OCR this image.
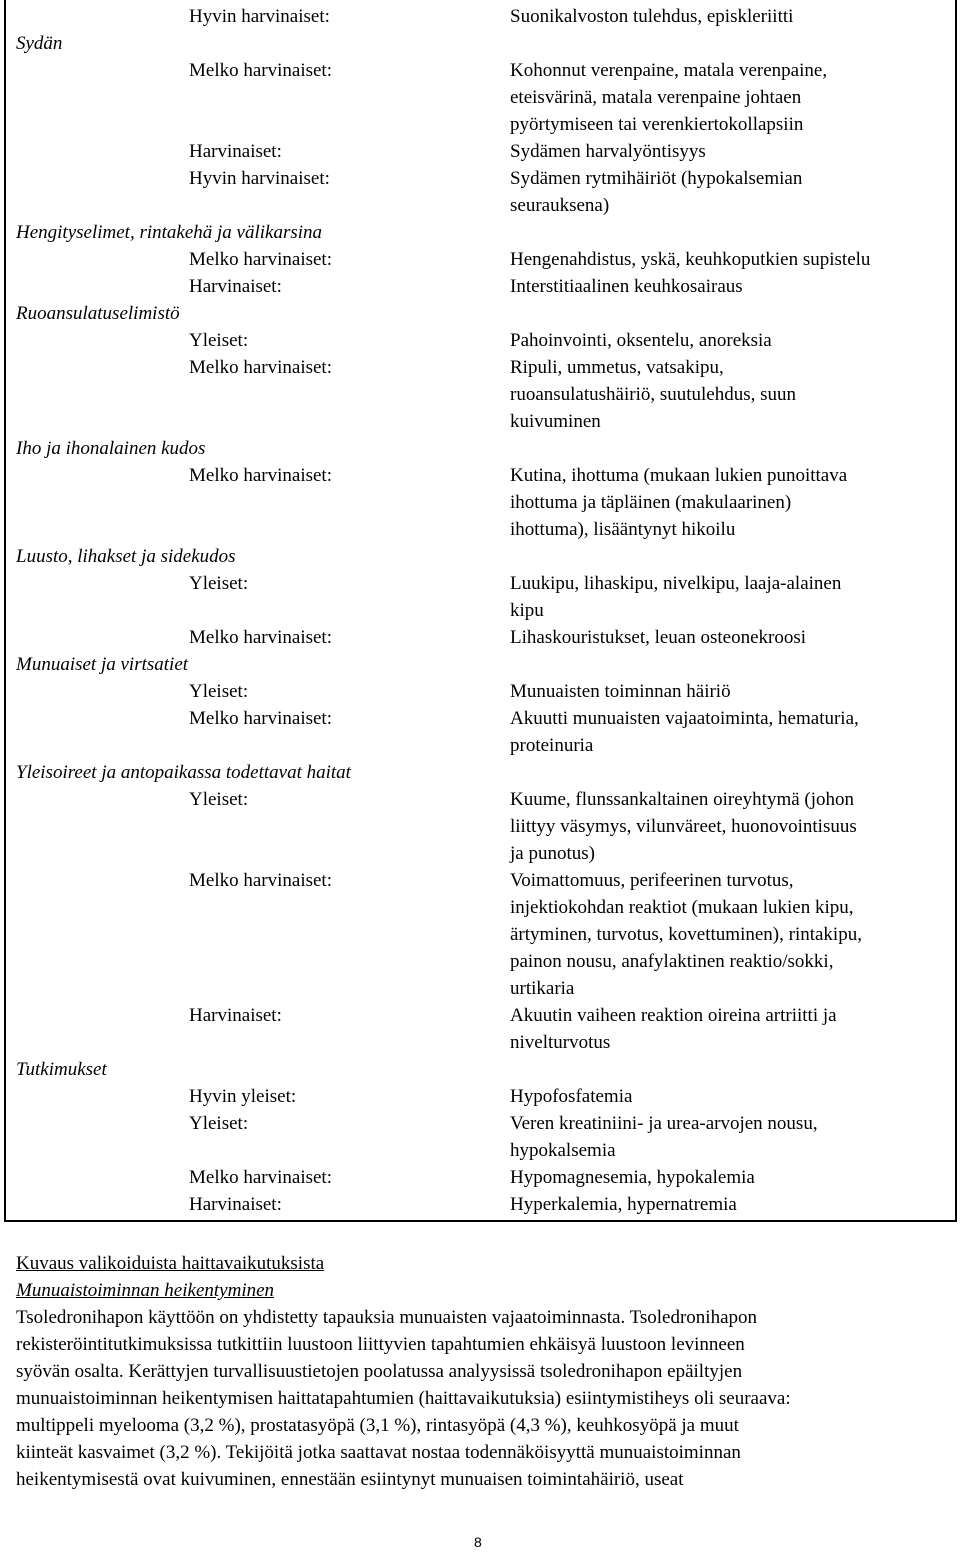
Hyvin harvinaiset:	Suonikalvoston tulehdus, episkleriitti
Sydän
Melko harvinaiset:	Kohonnut verenpaine, matala verenpaine,
eteisvärinä, matala verenpaine johtaen
pyörtymiseen tai verenkiertokollapsiin
Harvinaiset:	Sydämen harvalyöntisyys
Hyvin harvinaiset:	Sydämen rytmihäiriöt (hypokalsemian
seurauksena)
Hengityselimet, rintakehä ja välikarsina
Melko harvinaiset:	Hengenahdistus, yskä, keuhkoputkien supistelu
Harvinaiset:	Interstitiaalinen keuhkosairaus
Ruoansulatuselimistö
Yleiset:	Pahoinvointi, oksentelu, anoreksia
Melko harvinaiset:	Ripuli, ummetus, vatsakipu,
ruoansulatushäiriö, suutulehdus, suun
kuivuminen
Iho ja ihonalainen kudos
Melko harvinaiset:	Kutina, ihottuma (mukaan lukien punoittava
ihottuma ja täpläinen (makulaarinen)
ihottuma), lisääntynyt hikoilu
Luusto, lihakset ja sidekudos
Yleiset:	Luukipu, lihaskipu, nivelkipu, laaja-alainen
kipu
Melko harvinaiset:	Lihaskouristukset, leuan osteonekroosi
Munuaiset ja virtsatiet
Yleiset:	Munuaisten toiminnan häiriö
Melko harvinaiset:	Akuutti munuaisten vajaatoiminta, hematuria,
proteinuria
Yleisoireet ja antopaikassa todettavat haitat
Yleiset:	Kuume, flunssankaltainen oireyhtymä (johon
liittyy väsymys, vilunväreet, huonovointisuus
ja punotus)
Melko harvinaiset:	Voimattomuus, perifeerinen turvotus,
injektiokohdan reaktiot (mukaan lukien kipu,
ärtyminen, turvotus, kovettuminen), rintakipu,
painon nousu, anafylaktinen reaktio/sokki,
urtikaria
Harvinaiset:	Akuutin vaiheen reaktion oireina artriitti ja
nivelturvotus
Tutkimukset
Hyvin yleiset:	Hypofosfatemia
Yleiset:	Veren kreatiniini- ja urea-arvojen nousu,
hypokalsemia
Melko harvinaiset:	Hypomagnesemia, hypokalemia
Harvinaiset:	Hyperkalemia, hypernatremia
Kuvaus valikoiduista haittavaikutuksista
Munuaistoiminnan heikentyminen
Tsoledronihapon käyttöön on yhdistetty tapauksia munuaisten vajaatoiminnasta. Tsoledronihapon
rekisteröintitutkimuksissa tutkittiin luustoon liittyvien tapahtumien ehkäisyä luustoon levinneen
syövän osalta. Kerättyjen turvallisuustietojen poolatussa analyysissä tsoledronihapon epäiltyjen
munuaistoiminnan heikentymisen haittatapahtumien (haittavaikutuksia) esiintymistiheys oli seuraava:
multippeli myelooma (3,2 %), prostatasyöpä (3,1 %), rintasyöpä (4,3 %), keuhkosyöpä ja muut
kiinteät kasvaimet (3,2 %). Tekijöitä jotka saattavat nostaa todennäköisyyttä munuaistoiminnan
heikentymisestä ovat kuivuminen, ennestään esiintynyt munuaisen toimintahäiriö, useat
8
